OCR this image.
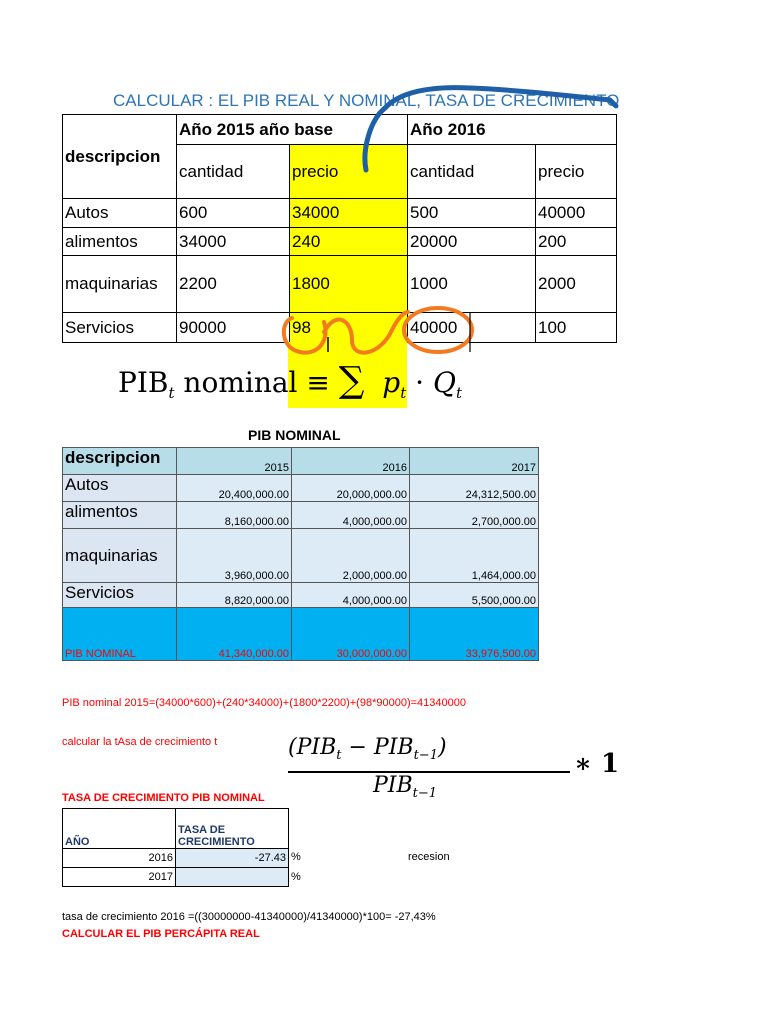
CALCULAR : EL PIB REAL Y NOMINAL, TASA DE CRECIMIENTO
descripcion	Año 2015 año base		Año 2016	
	cantidad	precio	cantidad	precio
Autos	600	34000	500	40000
alimentos	34000	240	20000	200
maquinarias	2200	1800	1000	2000
Servicios	90000	98	40000	100
$PIB_t$ nominal ≡ ∑ $p_t \cdot Q_t$
PIB NOMINAL
descripcion	2015	2016	2017
Autos	20,400,000.00	20,000,000.00	24,312,500.00
alimentos	8,160,000.00	4,000,000.00	2,700,000.00
maquinarias	3,960,000.00	2,000,000.00	1,464,000.00
Servicios	8,820,000.00	4,000,000.00	5,500,000.00
PIB NOMINAL	41,340,000.00	30,000,000.00	33,976,500.00
PIB nominal 2015=(34000*600)+(240*34000)+(1800*2200)+(98*90000)=41340000
calcular la tAsa de crecimiento t	$(PIB_t - PIB_{t-1})$
$PIB_{t-1}$
∗ 1
TASA DE CRECIMIENTO PIB NOMINAL
AÑO	TASA DE CRECIMIENTO
2016	-27.43
2017	
%
%
recesion
tasa de crecimiento 2016 =((30000000-41340000)/41340000)*100= -27,43%
CALCULAR EL PIB PERCÁPITA REAL
